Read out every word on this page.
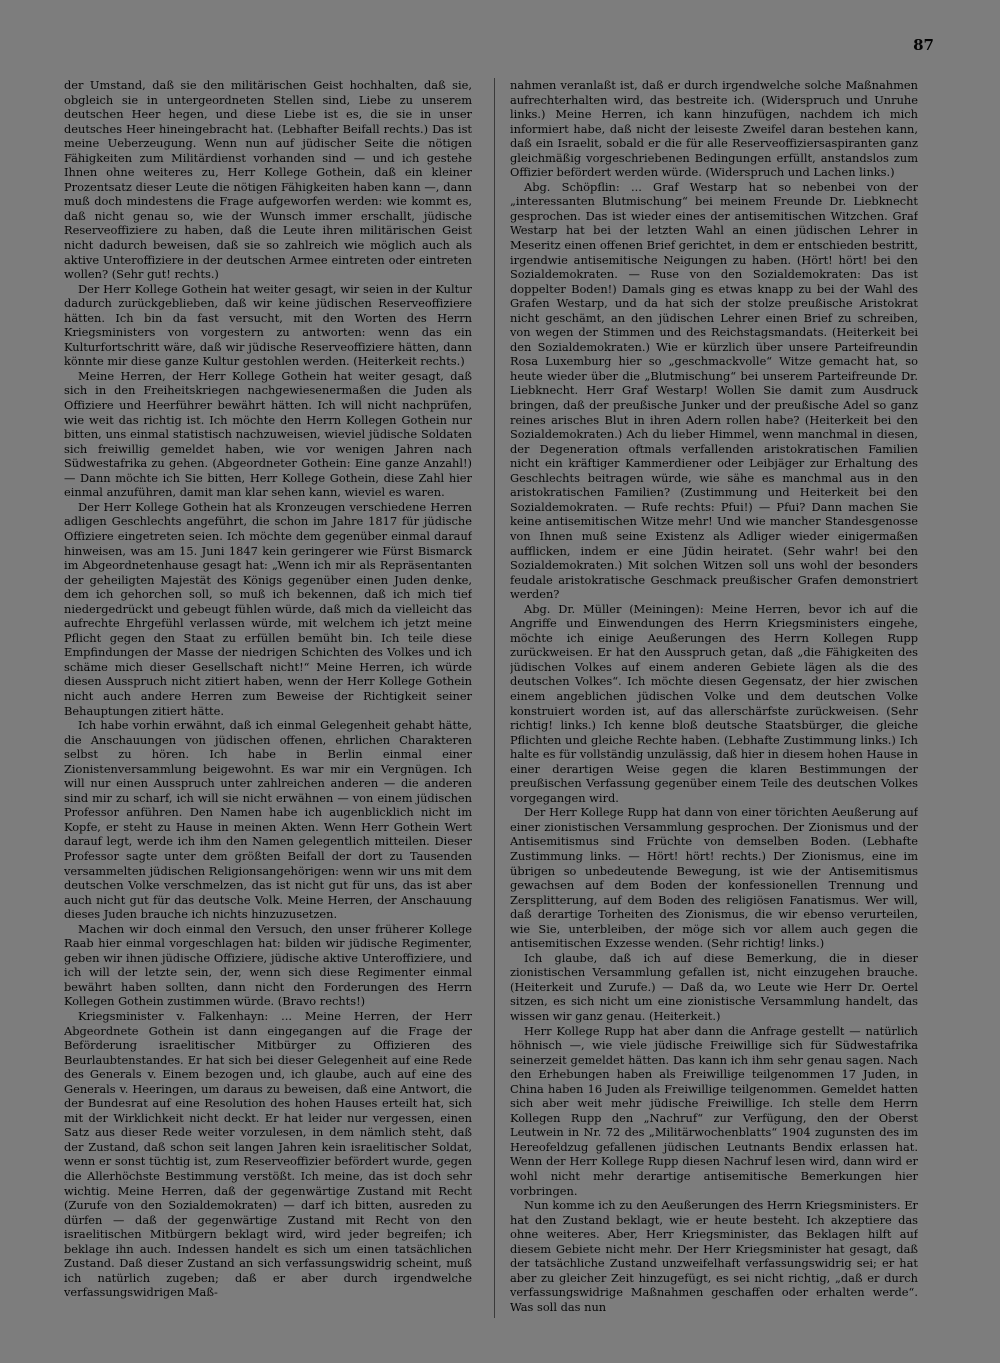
87

der Umstand, daß sie den militärischen Geist hochhalten, daß sie, obgleich sie in untergeordneten Stellen sind, Liebe zu unserem deutschen Heer hegen, und diese Liebe ist es, die sie in unser deutsches Heer hineingebracht hat. (Lebhafter Beifall rechts.) Das ist meine Ueberzeugung. Wenn nun auf jüdischer Seite die nötigen Fähigkeiten zum Militärdienst vorhanden sind — und ich gestehe Ihnen ohne weiteres zu, Herr Kollege Gothein, daß ein kleiner Prozentsatz dieser Leute die nötigen Fähigkeiten haben kann —, dann muß doch mindestens die Frage aufgeworfen werden: wie kommt es, daß nicht genau so, wie der Wunsch immer erschallt, jüdische Reserveoffiziere zu haben, daß die Leute ihren militärischen Geist nicht dadurch beweisen, daß sie so zahlreich wie möglich auch als aktive Unteroffiziere in der deutschen Armee eintreten oder eintreten wollen? (Sehr gut! rechts.)

Der Herr Kollege Gothein hat weiter gesagt, wir seien in der Kultur dadurch zurückgeblieben, daß wir keine jüdischen Reserveoffiziere hätten. Ich bin da fast versucht, mit den Worten des Herrn Kriegsministers von vorgestern zu antworten: wenn das ein Kulturfortschritt wäre, daß wir jüdische Reserveoffiziere hätten, dann könnte mir diese ganze Kultur gestohlen werden. (Heiterkeit rechts.)

Meine Herren, der Herr Kollege Gothein hat weiter gesagt, daß sich in den Freiheitskriegen nachgewiesenermaßen die Juden als Offiziere und Heerführer bewährt hätten. Ich will nicht nachprüfen, wie weit das richtig ist. Ich möchte den Herrn Kollegen Gothein nur bitten, uns einmal statistisch nachzuweisen, wieviel jüdische Soldaten sich freiwillig gemeldet haben, wie vor wenigen Jahren nach Südwestafrika zu gehen. (Abgeordneter Gothein: Eine ganze Anzahl!) — Dann möchte ich Sie bitten, Herr Kollege Gothein, diese Zahl hier einmal anzuführen, damit man klar sehen kann, wieviel es waren.

Der Herr Kollege Gothein hat als Kronzeugen verschiedene Herren adligen Geschlechts angeführt, die schon im Jahre 1817 für jüdische Offiziere eingetreten seien. Ich möchte dem gegenüber einmal darauf hinweisen, was am 15. Juni 1847 kein geringerer wie Fürst Bismarck im Abgeordnetenhause gesagt hat: „Wenn ich mir als Repräsentanten der geheiligten Majestät des Königs gegenüber einen Juden denke, dem ich gehorchen soll, so muß ich bekennen, daß ich mich tief niedergedrückt und gebeugt fühlen würde, daß mich da vielleicht das aufrechte Ehrgefühl verlassen würde, mit welchem ich jetzt meine Pflicht gegen den Staat zu erfüllen bemüht bin. Ich teile diese Empfindungen der Masse der niedrigen Schichten des Volkes und ich schäme mich dieser Gesellschaft nicht!“ Meine Herren, ich würde diesen Ausspruch nicht zitiert haben, wenn der Herr Kollege Gothein nicht auch andere Herren zum Beweise der Richtigkeit seiner Behauptungen zitiert hätte.

Ich habe vorhin erwähnt, daß ich einmal Gelegenheit gehabt hätte, die Anschauungen von jüdischen offenen, ehrlichen Charakteren selbst zu hören. Ich habe in Berlin einmal einer Zionistenversammlung beigewohnt. Es war mir ein Vergnügen. Ich will nur einen Ausspruch unter zahlreichen anderen — die anderen sind mir zu scharf, ich will sie nicht erwähnen — von einem jüdischen Professor anführen. Den Namen habe ich augenblicklich nicht im Kopfe, er steht zu Hause in meinen Akten. Wenn Herr Gothein Wert darauf legt, werde ich ihm den Namen gelegentlich mitteilen. Dieser Professor sagte unter dem größten Beifall der dort zu Tausenden versammelten jüdischen Religionsangehörigen: wenn wir uns mit dem deutschen Volke verschmelzen, das ist nicht gut für uns, das ist aber auch nicht gut für das deutsche Volk. Meine Herren, der Anschauung dieses Juden brauche ich nichts hinzuzusetzen.

Machen wir doch einmal den Versuch, den unser früherer Kollege Raab hier einmal vorgeschlagen hat: bilden wir jüdische Regimenter, geben wir ihnen jüdische Offiziere, jüdische aktive Unteroffiziere, und ich will der letzte sein, der, wenn sich diese Regimenter einmal bewährt haben sollten, dann nicht den Forderungen des Herrn Kollegen Gothein zustimmen würde. (Bravo rechts!)

Kriegsminister v. Falkenhayn: ... Meine Herren, der Herr Abgeordnete Gothein ist dann eingegangen auf die Frage der Beförderung israelitischer Mitbürger zu Offizieren des Beurlaubtenstandes. Er hat sich bei dieser Gelegenheit auf eine Rede des Generals v. Einem bezogen und, ich glaube, auch auf eine des Generals v. Heeringen, um daraus zu beweisen, daß eine Antwort, die der Bundesrat auf eine Resolution des hohen Hauses erteilt hat, sich mit der Wirklichkeit nicht deckt. Er hat leider nur vergessen, einen Satz aus dieser Rede weiter vorzulesen, in dem nämlich steht, daß der Zustand, daß schon seit langen Jahren kein israelitischer Soldat, wenn er sonst tüchtig ist, zum Reserveoffizier befördert wurde, gegen die Allerhöchste Bestimmung verstößt. Ich meine, das ist doch sehr wichtig. Meine Herren, daß der gegenwärtige Zustand mit Recht (Zurufe von den Sozialdemokraten) — darf ich bitten, ausreden zu dürfen — daß der gegenwärtige Zustand mit Recht von den israelitischen Mitbürgern beklagt wird, wird jeder begreifen; ich beklage ihn auch. Indessen handelt es sich um einen tatsächlichen Zustand. Daß dieser Zustand an sich verfassungswidrig scheint, muß ich natürlich zugeben; daß er aber durch irgendwelche verfassungswidrigen Maß-

nahmen veranlaßt ist, daß er durch irgendwelche solche Maßnahmen aufrechterhalten wird, das bestreite ich. (Widerspruch und Unruhe links.) Meine Herren, ich kann hinzufügen, nachdem ich mich informiert habe, daß nicht der leiseste Zweifel daran bestehen kann, daß ein Israelit, sobald er die für alle Reserveoffiziersaspiranten ganz gleichmäßig vorgeschriebenen Bedingungen erfüllt, anstandslos zum Offizier befördert werden würde. (Widerspruch und Lachen links.)

Abg. Schöpflin: ... Graf Westarp hat so nebenbei von der „interessanten Blutmischung“ bei meinem Freunde Dr. Liebknecht gesprochen. Das ist wieder eines der antisemitischen Witzchen. Graf Westarp hat bei der letzten Wahl an einen jüdischen Lehrer in Meseritz einen offenen Brief gerichtet, in dem er entschieden bestritt, irgendwie antisemitische Neigungen zu haben. (Hört! hört! bei den Sozialdemokraten. — Ruse von den Sozialdemokraten: Das ist doppelter Boden!) Damals ging es etwas knapp zu bei der Wahl des Grafen Westarp, und da hat sich der stolze preußische Aristokrat nicht geschämt, an den jüdischen Lehrer einen Brief zu schreiben, von wegen der Stimmen und des Reichstagsmandats. (Heiterkeit bei den Sozialdemokraten.) Wie er kürzlich über unsere Parteifreundin Rosa Luxemburg hier so „geschmackvolle“ Witze gemacht hat, so heute wieder über die „Blutmischung“ bei unserem Parteifreunde Dr. Liebknecht. Herr Graf Westarp! Wollen Sie damit zum Ausdruck bringen, daß der preußische Junker und der preußische Adel so ganz reines arisches Blut in ihren Adern rollen habe? (Heiterkeit bei den Sozialdemokraten.) Ach du lieber Himmel, wenn manchmal in diesen, der Degeneration oftmals verfallenden aristokratischen Familien nicht ein kräftiger Kammerdiener oder Leibjäger zur Erhaltung des Geschlechts beitragen würde, wie sähe es manchmal aus in den aristokratischen Familien? (Zustimmung und Heiterkeit bei den Sozialdemokraten. — Rufe rechts: Pfui!) — Pfui? Dann machen Sie keine antisemitischen Witze mehr! Und wie mancher Standesgenosse von Ihnen muß seine Existenz als Adliger wieder einigermaßen aufflicken, indem er eine Jüdin heiratet. (Sehr wahr! bei den Sozialdemokraten.) Mit solchen Witzen soll uns wohl der besonders feudale aristokratische Geschmack preußischer Grafen demonstriert werden?

Abg. Dr. Müller (Meiningen): Meine Herren, bevor ich auf die Angriffe und Einwendungen des Herrn Kriegsministers eingehe, möchte ich einige Aeußerungen des Herrn Kollegen Rupp zurückweisen. Er hat den Ausspruch getan, daß „die Fähigkeiten des jüdischen Volkes auf einem anderen Gebiete lägen als die des deutschen Volkes“. Ich möchte diesen Gegensatz, der hier zwischen einem angeblichen jüdischen Volke und dem deutschen Volke konstruiert worden ist, auf das allerschärfste zurückweisen. (Sehr richtig! links.) Ich kenne bloß deutsche Staatsbürger, die gleiche Pflichten und gleiche Rechte haben. (Lebhafte Zustimmung links.) Ich halte es für vollständig unzulässig, daß hier in diesem hohen Hause in einer derartigen Weise gegen die klaren Bestimmungen der preußischen Verfassung gegenüber einem Teile des deutschen Volkes vorgegangen wird.

Der Herr Kollege Rupp hat dann von einer törichten Aeußerung auf einer zionistischen Versammlung gesprochen. Der Zionismus und der Antisemitismus sind Früchte von demselben Boden. (Lebhafte Zustimmung links. — Hört! hört! rechts.) Der Zionismus, eine im übrigen so unbedeutende Bewegung, ist wie der Antisemitismus gewachsen auf dem Boden der konfessionellen Trennung und Zersplitterung, auf dem Boden des religiösen Fanatismus. Wer will, daß derartige Torheiten des Zionismus, die wir ebenso verurteilen, wie Sie, unterbleiben, der möge sich vor allem auch gegen die antisemitischen Exzesse wenden. (Sehr richtig! links.)

Ich glaube, daß ich auf diese Bemerkung, die in dieser zionistischen Versammlung gefallen ist, nicht einzugehen brauche. (Heiterkeit und Zurufe.) — Daß da, wo Leute wie Herr Dr. Oertel sitzen, es sich nicht um eine zionistische Versammlung handelt, das wissen wir ganz genau. (Heiterkeit.)

Herr Kollege Rupp hat aber dann die Anfrage gestellt — natürlich höhnisch —, wie viele jüdische Freiwillige sich für Südwestafrika seinerzeit gemeldet hätten. Das kann ich ihm sehr genau sagen. Nach den Erhebungen haben als Freiwillige teilgenommen 17 Juden, in China haben 16 Juden als Freiwillige teilgenommen. Gemeldet hatten sich aber weit mehr jüdische Freiwillige. Ich stelle dem Herrn Kollegen Rupp den „Nachruf“ zur Verfügung, den der Oberst Leutwein in Nr. 72 des „Militärwochenblatts“ 1904 zugunsten des im Hereofeldzug gefallenen jüdischen Leutnants Bendix erlassen hat. Wenn der Herr Kollege Rupp diesen Nachruf lesen wird, dann wird er wohl nicht mehr derartige antisemitische Bemerkungen hier vorbringen.

Nun komme ich zu den Aeußerungen des Herrn Kriegsministers. Er hat den Zustand beklagt, wie er heute besteht. Ich akzeptiere das ohne weiteres. Aber, Herr Kriegsminister, das Beklagen hilft auf diesem Gebiete nicht mehr. Der Herr Kriegsminister hat gesagt, daß der tatsächliche Zustand unzweifelhaft verfassungswidrig sei; er hat aber zu gleicher Zeit hinzugefügt, es sei nicht richtig, „daß er durch verfassungswidrige Maßnahmen geschaffen oder erhalten werde“. Was soll das nun
